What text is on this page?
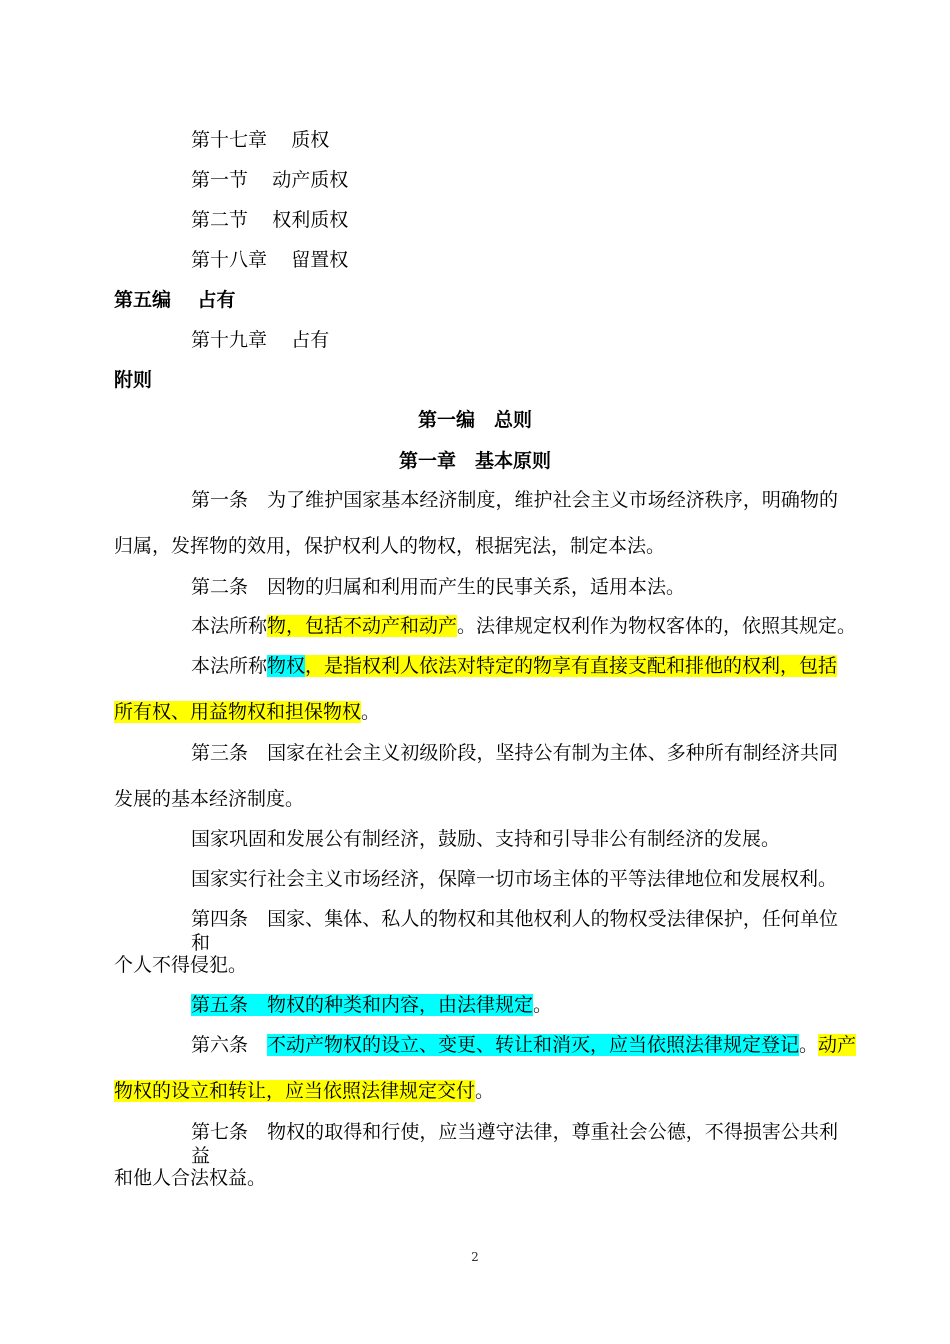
第十七章 质权
第一节 动产质权
第二节 权利质权
第十八章 留置权
第五编 占有
第十九章 占有
附则
第一编　总则
第一章　基本原则
第一条　为了维护国家基本经济制度，维护社会主义市场经济秩序，明确物的
归属，发挥物的效用，保护权利人的物权，根据宪法，制定本法。
第二条　因物的归属和利用而产生的民事关系，适用本法。
本法所称物，包括不动产和动产。法律规定权利作为物权客体的，依照其规定。
本法所称物权，是指权利人依法对特定的物享有直接支配和排他的权利，包括
所有权、用益物权和担保物权。
第三条　国家在社会主义初级阶段，坚持公有制为主体、多种所有制经济共同
发展的基本经济制度。
国家巩固和发展公有制经济，鼓励、支持和引导非公有制经济的发展。
国家实行社会主义市场经济，保障一切市场主体的平等法律地位和发展权利。
第四条　国家、集体、私人的物权和其他权利人的物权受法律保护，任何单位和
个人不得侵犯。
第五条　物权的种类和内容，由法律规定。
第六条　不动产物权的设立、变更、转让和消灭，应当依照法律规定登记。动产
物权的设立和转让，应当依照法律规定交付。
第七条　物权的取得和行使，应当遵守法律，尊重社会公德，不得损害公共利益
和他人合法权益。
2
